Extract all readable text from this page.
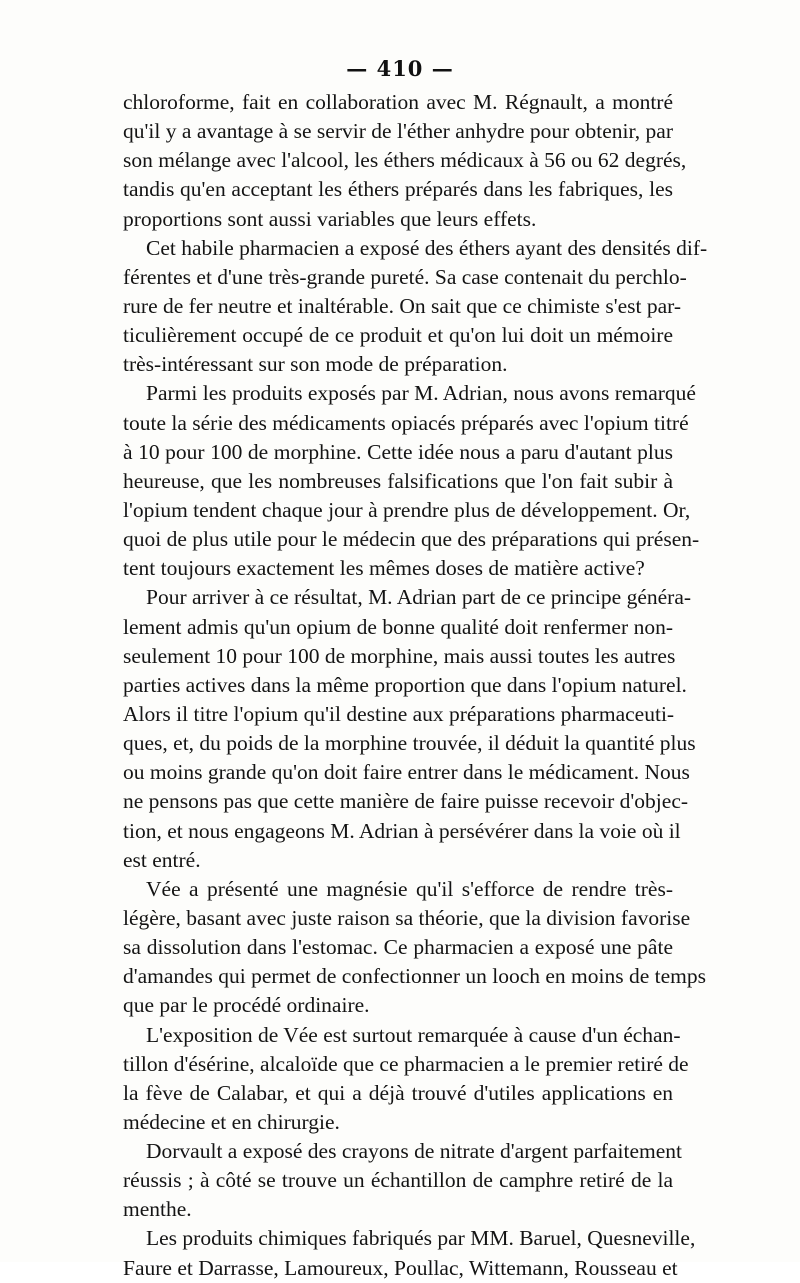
— 410 —
chloroforme, fait en collaboration avec M. Régnault, a montré
qu'il y a avantage à se servir de l'éther anhydre pour obtenir, par
son mélange avec l'alcool, les éthers médicaux à 56 ou 62 degrés,
tandis qu'en acceptant les éthers préparés dans les fabriques, les
proportions sont aussi variables que leurs effets.
Cet habile pharmacien a exposé des éthers ayant des densités dif-
férentes et d'une très-grande pureté. Sa case contenait du perchlo-
rure de fer neutre et inaltérable. On sait que ce chimiste s'est par-
ticulièrement occupé de ce produit et qu'on lui doit un mémoire
très-intéressant sur son mode de préparation.
Parmi les produits exposés par M. Adrian, nous avons remarqué
toute la série des médicaments opiacés préparés avec l'opium titré
à 10 pour 100 de morphine. Cette idée nous a paru d'autant plus
heureuse, que les nombreuses falsifications que l'on fait subir à
l'opium tendent chaque jour à prendre plus de développement. Or,
quoi de plus utile pour le médecin que des préparations qui présen-
tent toujours exactement les mêmes doses de matière active?
Pour arriver à ce résultat, M. Adrian part de ce principe généra-
lement admis qu'un opium de bonne qualité doit renfermer non-
seulement 10 pour 100 de morphine, mais aussi toutes les autres
parties actives dans la même proportion que dans l'opium naturel.
Alors il titre l'opium qu'il destine aux préparations pharmaceuti-
ques, et, du poids de la morphine trouvée, il déduit la quantité plus
ou moins grande qu'on doit faire entrer dans le médicament. Nous
ne pensons pas que cette manière de faire puisse recevoir d'objec-
tion, et nous engageons M. Adrian à persévérer dans la voie où il
est entré.
Vée a présenté une magnésie qu'il s'efforce de rendre très-
légère, basant avec juste raison sa théorie, que la division favorise
sa dissolution dans l'estomac. Ce pharmacien a exposé une pâte
d'amandes qui permet de confectionner un looch en moins de temps
que par le procédé ordinaire.
L'exposition de Vée est surtout remarquée à cause d'un échan-
tillon d'ésérine, alcaloïde que ce pharmacien a le premier retiré de
la fève de Calabar, et qui a déjà trouvé d'utiles applications en
médecine et en chirurgie.
Dorvault a exposé des crayons de nitrate d'argent parfaitement
réussis ; à côté se trouve un échantillon de camphre retiré de la
menthe.
Les produits chimiques fabriqués par MM. Baruel, Quesneville,
Faure et Darrasse, Lamoureux, Poullac, Wittemann, Rousseau et
